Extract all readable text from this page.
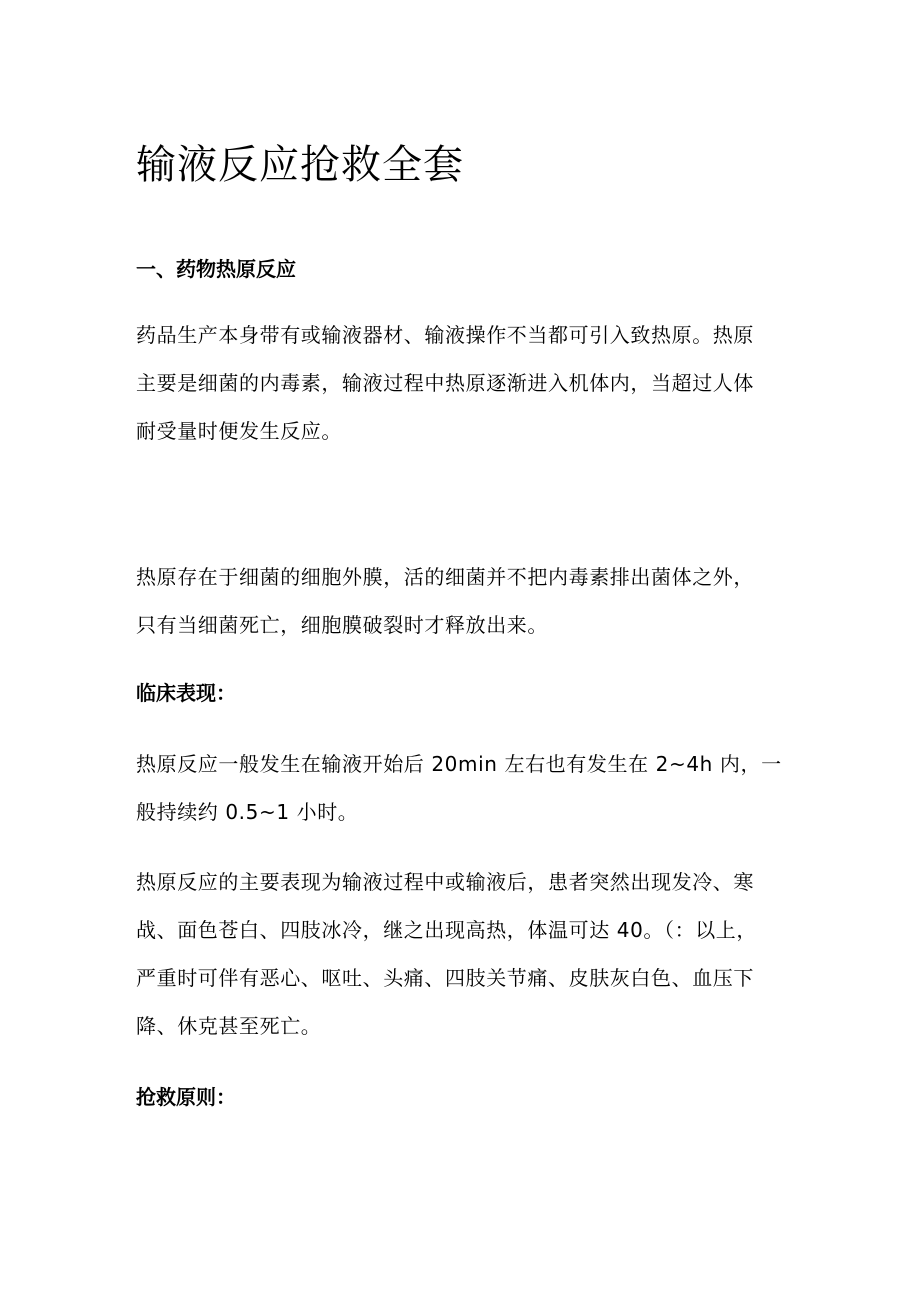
输液反应抢救全套
一、药物热原反应

药品生产本身带有或输液器材、输液操作不当都可引入致热原。热原
主要是细菌的内毒素，输液过程中热原逐渐进入机体内，当超过人体
耐受量时便发生反应。

热原存在于细菌的细胞外膜，活的细菌并不把内毒素排出菌体之外，
只有当细菌死亡，细胞膜破裂时才释放出来。

临床表现：

热原反应一般发生在输液开始后 20min 左右也有发生在 2~4h 内，一
般持续约 0.5~1 小时。

热原反应的主要表现为输液过程中或输液后，患者突然出现发冷、寒
战、面色苍白、四肢冰冷，继之出现高热，体温可达 40。（：以上，
严重时可伴有恶心、呕吐、头痛、四肢关节痛、皮肤灰白色、血压下
降、休克甚至死亡。

抢救原则：
